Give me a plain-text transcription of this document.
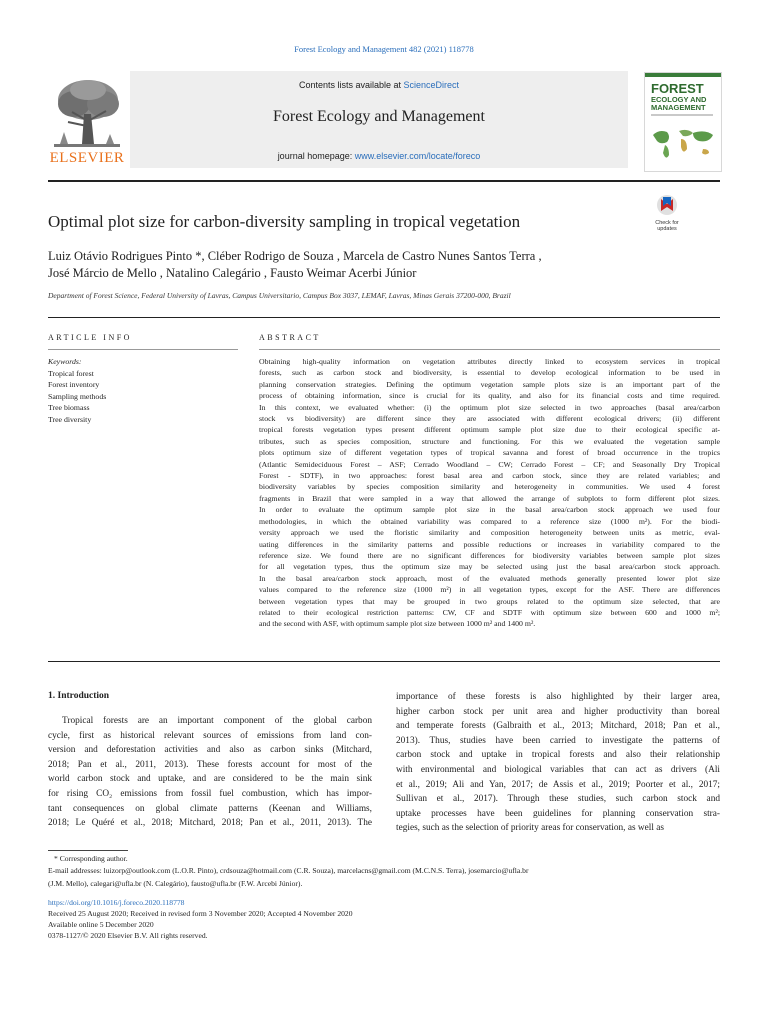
Forest Ecology and Management 482 (2021) 118778
Contents lists available at ScienceDirect
Forest Ecology and Management
journal homepage: www.elsevier.com/locate/foreco
ELSEVIER
FOREST
ECOLOGY AND
MANAGEMENT
Optimal plot size for carbon-diversity sampling in tropical vegetation	Check for
updates
Luiz Otávio Rodrigues Pinto *, Cléber Rodrigo de Souza , Marcela de Castro Nunes Santos Terra ,
José Márcio de Mello , Natalino Calegário , Fausto Weimar Acerbi Júnior
Department of Forest Science, Federal University of Lavras, Campus Universitario, Campus Box 3037, LEMAF, Lavras, Minas Gerais 37200-000, Brazil
ARTICLE INFO	ABSTRACT
Keywords:
Tropical forest
Forest inventory
Sampling methods
Tree biomass
Tree diversity
Obtaining high-quality information on vegetation attributes directly linked to ecosystem services in tropical
forests, such as carbon stock and biodiversity, is essential to develop ecological information to be used in
planning conservation strategies. Defining the optimum vegetation sample plots size is an important part of the
process of obtaining information, since is crucial for its quality, and also for its financial costs and time required.
In this context, we evaluated whether: (i) the optimum plot size selected in two approaches (basal area/carbon
stock vs biodiversity) are different since they are associated with different ecological drivers; (ii) different
tropical forests vegetation types present different optimum sample plot size due to their ecological specific at-
tributes, such as species composition, structure and functioning. For this we evaluated the vegetation sample
plots optimum size of different vegetation types of tropical savanna and forest of broad occurrence in the tropics
(Atlantic Semideciduous Forest – ASF; Cerrado Woodland – CW; Cerrado Forest – CF; and Seasonally Dry Tropical
Forest - SDTF), in two approaches: forest basal area and carbon stock, since they are related variables; and
biodiversity variables by species composition similarity and heterogeneity in communities. We used 4 forest
fragments in Brazil that were sampled in a way that allowed the arrange of subplots to form different plot sizes.
In order to evaluate the optimum sample plot size in the basal area/carbon stock approach we used four
methodologies, in which the obtained variability was compared to a reference size (1000 m²). For the biodi-
versity approach we used the floristic similarity and composition heterogeneity between units as metric, eval-
uating differences in the similarity patterns and possible reductions or increases in variability compared to the
reference size. We found there are no significant differences for biodiversity variables between sample plot sizes
for all vegetation types, thus the optimum size may be selected using just the basal area/carbon stock approach.
In the basal area/carbon stock approach, most of the evaluated methods generally presented lower plot size
values compared to the reference size (1000 m²) in all vegetation types, except for the ASF. There are differences
between vegetation types that may be grouped in two groups related to the optimum size selected, that are
related to their ecological restriction patterns: CW, CF and SDTF with optimum size between 600 and 1000 m²;
and the second with ASF, with optimum sample plot size between 1000 m² and 1400 m².
1. Introduction
Tropical forests are an important component of the global carbon
cycle, first as historical relevant sources of emissions from land con-
version and deforestation activities and also as carbon sinks (Mitchard,
2018; Pan et al., 2011, 2013). These forests account for most of the
world carbon stock and uptake, and are considered to be the main sink
for rising CO₂ emissions from fossil fuel combustion, which has impor-
tant consequences on global climate patterns (Keenan and Williams,
2018; Le Quéré et al., 2018; Mitchard, 2018; Pan et al., 2011, 2013). The
importance of these forests is also highlighted by their larger area,
higher carbon stock per unit area and higher productivity than boreal
and temperate forests (Galbraith et al., 2013; Mitchard, 2018; Pan et al.,
2013). Thus, studies have been carried to investigate the patterns of
carbon stock and uptake in tropical forests and also their relationship
with environmental and biological variables that can act as drivers (Ali
et al., 2019; Ali and Yan, 2017; de Assis et al., 2019; Poorter et al., 2017;
Sullivan et al., 2017). Through these studies, such carbon stock and
uptake processes have been guidelines for planning conservation stra-
tegies, such as the selection of priority areas for conservation, as well as
* Corresponding author.
E-mail addresses: luizorp@outlook.com (L.O.R. Pinto), crdsouza@hotmail.com (C.R. Souza), marcelacns@gmail.com (M.C.N.S. Terra), josemarcio@ufla.br
(J.M. Mello), calegari@ufla.br (N. Calegário), fausto@ufla.br (F.W. Arcebi Júnior).
https://doi.org/10.1016/j.foreco.2020.118778
Received 25 August 2020; Received in revised form 3 November 2020; Accepted 4 November 2020
Available online 5 December 2020
0378-1127/© 2020 Elsevier B.V. All rights reserved.
